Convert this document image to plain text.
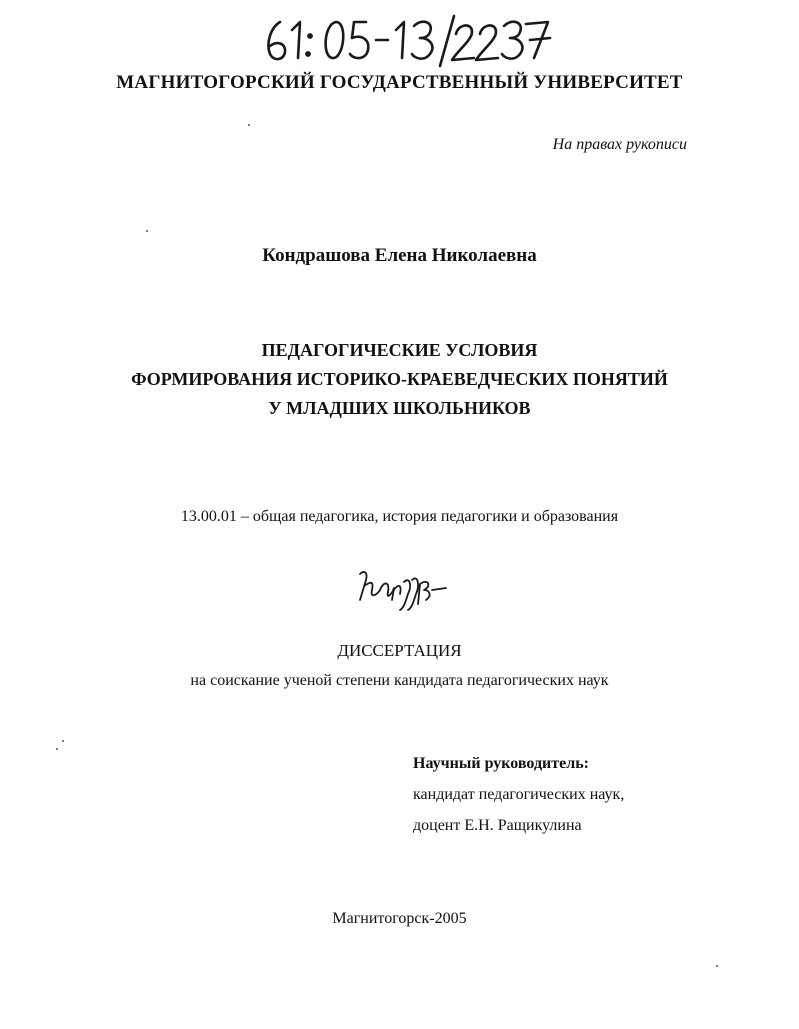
МАГНИТОГОРСКИЙ ГОСУДАРСТВЕННЫЙ УНИВЕРСИТЕТ
На правах рукописи
Кондрашова Елена Николаевна
ПЕДАГОГИЧЕСКИЕ УСЛОВИЯ
ФОРМИРОВАНИЯ ИСТОРИКО-КРАЕВЕДЧЕСКИХ ПОНЯТИЙ
У МЛАДШИХ ШКОЛЬНИКОВ
13.00.01 – общая педагогика, история педагогики и образования
ДИССЕРТАЦИЯ
на соискание ученой степени кандидата педагогических наук
Научный руководитель:
кандидат педагогических наук,
доцент Е.Н. Ращикулина
Магнитогорск-2005
